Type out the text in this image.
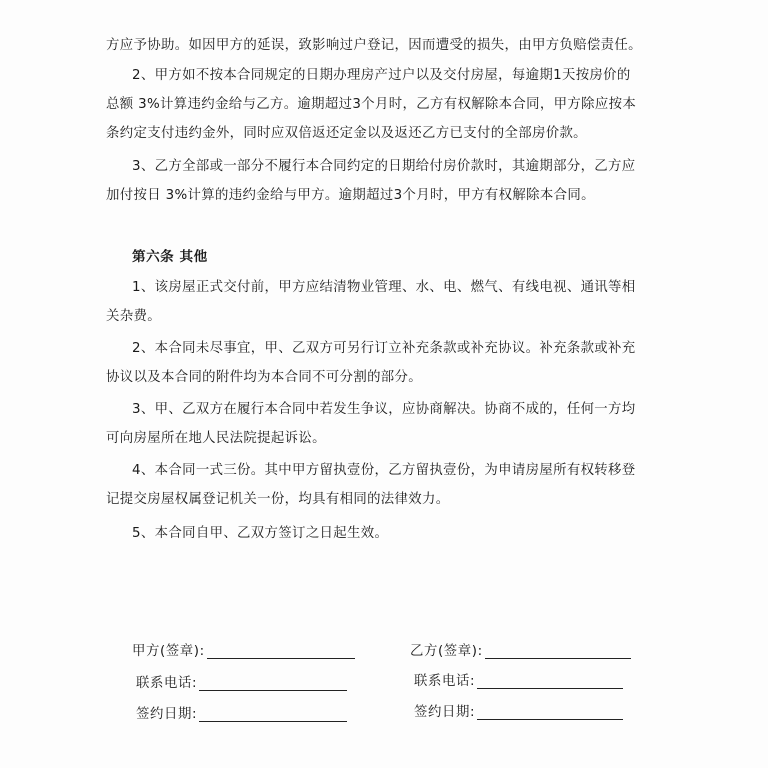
方应予协助。如因甲方的延误，致影响过户登记，因而遭受的损失，由甲方负赔偿责任。

2、甲方如不按本合同规定的日期办理房产过户以及交付房屋，每逾期1天按房价的
总额 3%计算违约金给与乙方。逾期超过3个月时，乙方有权解除本合同，甲方除应按本
条约定支付违约金外，同时应双倍返还定金以及返还乙方已支付的全部房价款。

3、乙方全部或一部分不履行本合同约定的日期给付房价款时，其逾期部分，乙方应
加付按日 3%计算的违约金给与甲方。逾期超过3个月时，甲方有权解除本合同。

第六条 其他

1、该房屋正式交付前，甲方应结清物业管理、水、电、燃气、有线电视、通讯等相
关杂费。

2、本合同未尽事宜，甲、乙双方可另行订立补充条款或补充协议。补充条款或补充
协议以及本合同的附件均为本合同不可分割的部分。

3、甲、乙双方在履行本合同中若发生争议，应协商解决。协商不成的，任何一方均
可向房屋所在地人民法院提起诉讼。

4、本合同一式三份。其中甲方留执壹份，乙方留执壹份，为申请房屋所有权转移登
记提交房屋权属登记机关一份，均具有相同的法律效力。

5、本合同自甲、乙双方签订之日起生效。

甲方(签章):
联系电话:
签约日期:
乙方(签章):
联系电话:
签约日期:
